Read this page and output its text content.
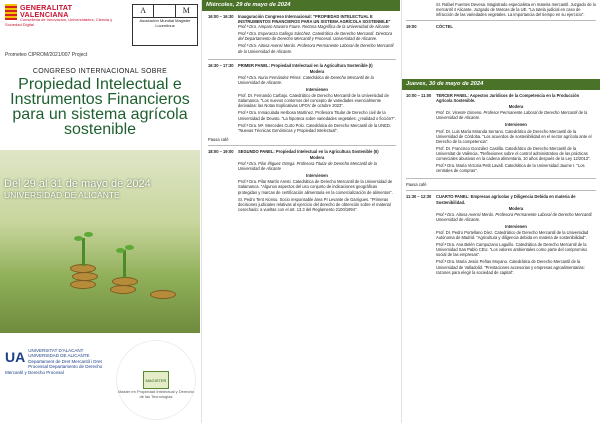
GENERALITAT VALENCIANA
Conselleria de Innovación, Universidades, Ciencia y Sociedad Digital
Prometeo CIPROM/2021/007 Project
A	M
Asociación Mundial Magister Lucentinus
CONGRESO INTERNACIONAL SOBRE
Propiedad Intelectual e Instrumentos Financieros para un sistema agrícola sostenible
Del 29 al 31 de mayo de 2024
UNIVERSIDAD DE ALICANTE
UA UNIVERSITAT D'ALACANT UNIVERSIDAD DE ALICANTE Departament de Dret Mercantil i Dret Processal Departamento de Derecho Mercantil y Derecho Procesal
MAGISTER
Master en Propiedad Intelectual y Derecho de las Tecnologías
Miércoles, 29 de mayo de 2024
16:00 – 16:30	Inauguración Congreso Internacional: "PROPIEDAD INTELECTUAL E INSTRUMENTOS FINANCIEROS PARA UN SISTEMA AGRÍCOLA SOSTENIBLE"
Prof.ª Dra. Amparo Navarro Faure. Rectora Magnífica de la Universidad de Alicante
Prof.ª Dra. Esperanza Gallego Sánchez. Catedrática de Derecho Mercantil. Directora del Departamento de Derecho Mercantil y Procesal. Universidad de Alicante.
Prof.ª Dra. Aitosa Avensi Merás. Profesora Permanente Laboral de Derecho Mercantil de la Universidad de Alicante.
16:30 – 17:30	PRIMER PANEL: Propiedad Intelectual en la Agricultura Sostenible (I)
Modera
Prof.ª Dra. Nuria Fernández Pérez. Catedrática de Derecho Mercantil de la Universidad de Alicante.
Intervienen
Prof. Dr. Fernando Carbajo. Catedrático de Derecho Mercantil de la Universidad de Salamanca. "Los nuevos contornos del concepto de variedades esencialmente derivadas: las Notas Explicativas UPOV de octubre 2023".
Prof.ª Dra. Inmaculada Herbosa Martínez. Profesora Titular de Derecho civil de la Universidad de Deusto. "La hipoteca sobre variedades vegetales: ¿realidad o ficción?".
Prof.ª Dra. Mª. Mercedes Curto Polo. Catedrática de Derecho Mercantil de la UNED. "Nuevas Técnicas Genómicas y Propiedad Intelectual".
Pausa café
18:00 – 19:00	SEGUNDO PANEL: Propiedad Intelectual en la Agricultura Sostenible (II)
Modera
Prof.ª Dra. Pilar Iñiguez Ortega. Profesora Titular de Derecho Mercantil de la Universidad de Alicante
Intervienen
Prof.ª Dra. Pilar Martín Aresti. Catedrática de Derecho Mercantil de la Universidad de Salamanca. "Algunos aspectos del uso conjunto de indicaciones geográficas protegidas y marcas de certificación alimentaria en la comercialización de alimentos".
Sr. Pedro Tent Alonso. Socio responsable área PI Levante de Garrigues. "Primeras decisiones judiciales relativas al ejercicio del derecho de obtención sobre el material cosechado: a vueltas con el art. 13.3 del Reglamento 2100/1994".
Sr. Rafael Fuentes Devesa. Magistrado especialista en materia mercantil. Juzgado de lo mercantil 4 Alicante. Juzgado de Marcas de la UE. "La tutela judicial en caso de infracción de las variedades vegetales. La importancia del tiempo en su ejercicio".
19:00	CÓCTEL
Jueves, 30 de mayo de 2024
10:00 – 11:00	TERCER PANEL: Aspectos Jurídicos de la Competencia en la Producción Agrícola Sostenible.
Modera
Prof. Dr. Vicente Gimeno. Profesor Permanente Laboral de Derecho Mercantil de la Universidad de Alicante.
Intervienen
Prof. Dr. Luis María Miranda Serrano. Catedrático de Derecho Mercantil de la Universidad de Córdoba. "Los acuerdos de sostenibilidad en el sector agrícola ante el Derecho de la competencia".
Prof. Dr. Francisco González Castilla. Catedrático de Derecho Mercantil de la Universitat de València. "Reflexiones sobre el control administrativo de las prácticas comerciales abusivas en la cadena alimentaria, 10 años después de la Ley 12/2013".
Prof.ª Dra. María Victoria Petit Lavall. Catedrática de la Universidad Jaume I. "Los centrales de compras".
Pausa café
11:30 – 12:30	CUARTO PANEL: Empresas agrícolas y Diligencia Debida en materia de Sostenibilidad.
Modera
Prof.ª Dra. Aitosa Avensi Merás. Profesora Permanente Laboral de Derecho Mercantil. Universidad de Alicante.
Intervienen
Prof. Dr. Pedro Portellano Díez. Catedrático de Derecho Mercantil de la Universidad Autónoma de Madrid. "Agricultura y diligencia debida en materia de sostenibilidad".
Prof.ª Dra. Ana Belén Campuzano Laguillo. Catedrática de Derecho Mercantil de la Universidad San Pablo CEU. "Los valores ambientales como parte del compromiso social de las empresas".
Prof.ª Dra. María Jesús Peñas Moyano. Catedrática de Derecho Mercantil de la Universidad de Valladolid. "Prestaciones accesorias y empresas agroalimentarias: razones para elegir la sociedad de capital".
